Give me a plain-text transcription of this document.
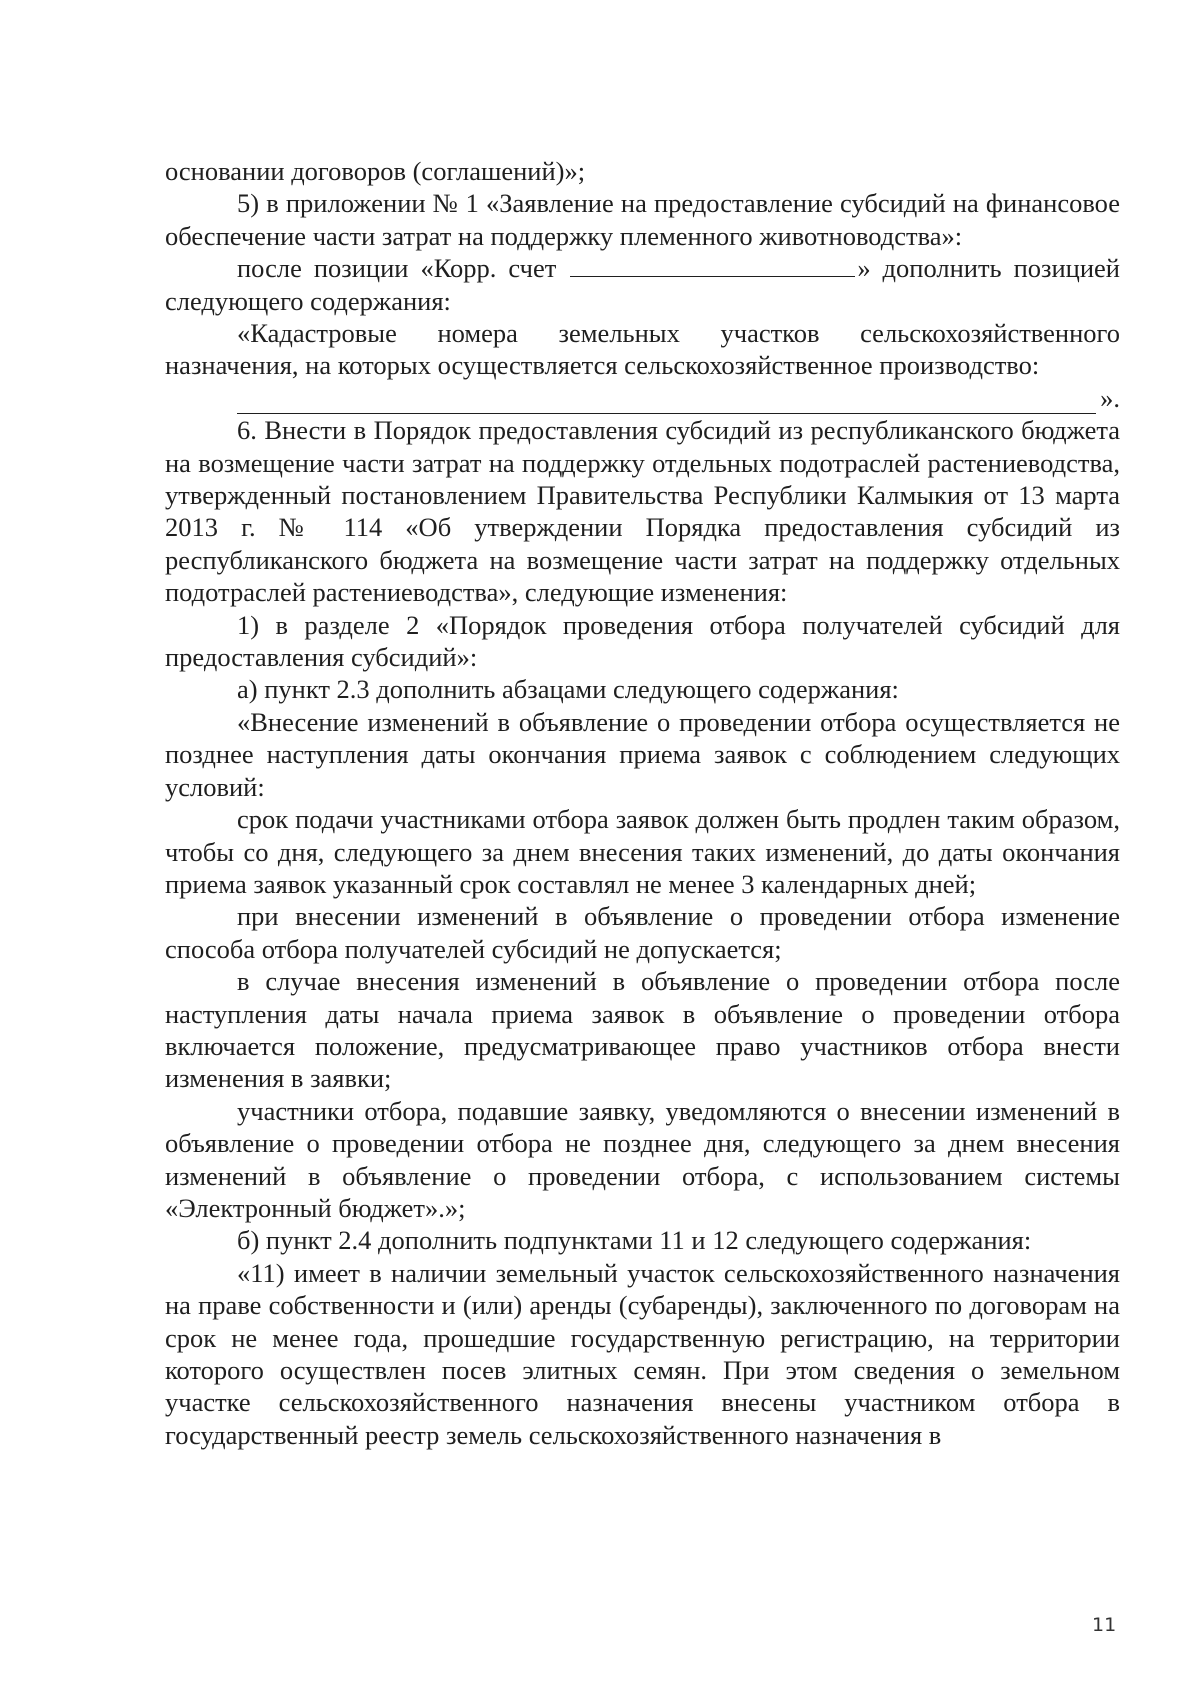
основании договоров (соглашений)»;

5) в приложении № 1 «Заявление на предоставление субсидий на финансовое обеспечение части затрат на поддержку племенного животноводства»:

после позиции «Корр. счет	» дополнить позицией следующего содержания:

«Кадастровые номера земельных участков сельскохозяйственного назначения, на которых осуществляется сельскохозяйственное производство:

».

6. Внести в Порядок предоставления субсидий из республиканского бюджета на возмещение части затрат на поддержку отдельных подотраслей растениеводства, утвержденный постановлением Правительства Республики Калмыкия от 13 марта 2013 г. № 114 «Об утверждении Порядка предоставления субсидий из республиканского бюджета на возмещение части затрат на поддержку отдельных подотраслей растениеводства», следующие изменения:

1) в разделе 2 «Порядок проведения отбора получателей субсидий для предоставления субсидий»:

а) пункт 2.3 дополнить абзацами следующего содержания:

«Внесение изменений в объявление о проведении отбора осуществляется не позднее наступления даты окончания приема заявок с соблюдением следующих условий:

срок подачи участниками отбора заявок должен быть продлен таким образом, чтобы со дня, следующего за днем внесения таких изменений, до даты окончания приема заявок указанный срок составлял не менее 3 календарных дней;

при внесении изменений в объявление о проведении отбора изменение способа отбора получателей субсидий не допускается;

в случае внесения изменений в объявление о проведении отбора после наступления даты начала приема заявок в объявление о проведении отбора включается положение, предусматривающее право участников отбора внести изменения в заявки;

участники отбора, подавшие заявку, уведомляются о внесении изменений в объявление о проведении отбора не позднее дня, следующего за днем внесения изменений в объявление о проведении отбора, с использованием системы «Электронный бюджет».»;

б) пункт 2.4 дополнить подпунктами 11 и 12 следующего содержания:

«11) имеет в наличии земельный участок сельскохозяйственного назначения на праве собственности и (или) аренды (субаренды), заключенного по договорам на срок не менее года, прошедшие государственную регистрацию, на территории которого осуществлен посев элитных семян. При этом сведения о земельном участке сельскохозяйственного назначения внесены участником отбора в государственный реестр земель сельскохозяйственного назначения в

11
